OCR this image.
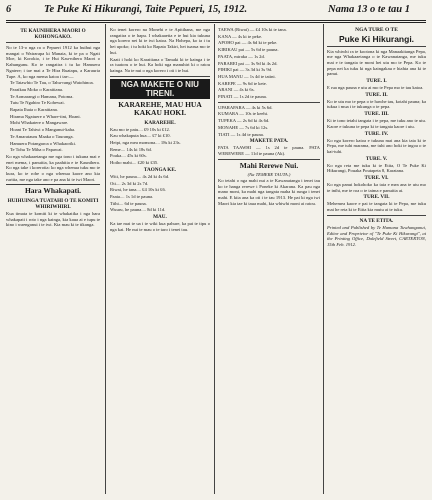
6	Te Puke Ki Hikurangi, Taite Pepueri, 15, 1912.	Nama 13 o te tau 1
TE KAUNIHERA MAORI O KOHONGAKO.

No te 13-o nga ra o Pepueri 1912 ka huihui nga mangai o Wairarapa ki Manaia, ki te pa o Ngati Moe, ki Korokio, i te Hui Kau-nihera Maori o Kahungunu. Ko te rangatira i tu ko Hamuera Ngatere; i tae mai a Te Hira Ruatapu, a Karauria Tupe. A, ko nga mema katoa i tae:—

Te Taiawhio Te Tau, o Tahu-rangi Waiohinoa.

Paraikau Moko o Karaitiana.

Te Aomarangi o Hamana, Potoma.

Tutu Te Ngahiro Te Kohewai.

Rapata Ihaia o Karaitiana.

Hirama Ngatuere o Whare-tini, Hoani.

Mohi Whakatere o Mangaware.

Hoani Te Tahiwi o Manganui-kaha.

Te Amaratauru Maaka o Tauranga.

Hamuera Potangaroa o Whakaoriki.

Te Tohu Te Miha o Papawai.

Ko nga whakaaetanga me nga tono i tukuna mai e enei mema, i panuitia, ka paahitia e te Kaunihera. Ko nga take i korerotia: ko nga whenua tuku mo te kura, ko te rohe o nga whenua kaore ano kia ruritia, me nga take ano e pa ana ki te iwi Maori.

Hara Whakapati.
HUIHUINGA TUATAHI O TE KOMITI WHIRIWHIRI.

Kua timata te komiti ki te whakatika i nga hara whakapati i roto i nga kainga, kia kaua ai e tupu te kino i waenganui i te iwi. Kia mau ki te tikanga.

Ko tenei korero na Monehi e te Apitihana, me nga rangatira o te hapu. I whakaaetia e te hui kia tukuna nga korero nei ki te iwi katoa. Na Hohepa, ko ia i tu hei upoko; i tu hoki ko Rapata Takiri, hei tuarua mo te hui.

Kaati i hoki ko Karaitiana o Tamaki ki te kainga i te ra tuatoru o te hui. Ka hoki nga manuhiri ki o ratou kainga. Na te nui o nga korero i oti i te hui.

NGA MAKETE O NIU TIRENI.
KARAREHE, MAU HUA KAKAU HOKI.
KARAREHE.

Kau mo te patu.... £9 10s ki £12.

Kau whakaputa hua.... £7 ki £10.

Heipi, nga mea momona.... 18s ki 23s.

Reme.... 14s ki 18s 6d.

Poaka.... 45s ki 60s.

Hoiho mahi.... £20 ki £35.

TAONGA KE.

Witi, he pauna.... 4s 2d ki 4s 6d.

Oti.... 2s 3d ki 2s 7d.

Riwai, he tana.... £4 10s ki £6.

Paata.... 1s 1d te pauna.

Tiihi.... 6d te pauna.

Wuuru, he pauna.... 8d ki 11d.

MAU.

Ka tae mai te ua i te wiki kua pahure, ka pai te tipu o nga kai. He nui te mau o te taro i tenei tau.

TAEWA (Riwai) — £4 10s ki te tana.

KANA — 4s ki te peke.

APOHO pai — 4s 6d ki te peke.

KIRIKAU pai — 5s 6d te pauna.

PAATA, miraka — 1s 2d.

PARAREI pai — 3s 9d ki 4s 2d.

PIHIKI pai — 3s 3d ki 3s 9d.

HUA MANU — 1s 4d te tatini.

KAREPE — 9s 6d te kete.

ARANI — 4s ki 6s.

PINATI — 1s 2d te pauna.

UPARAPARA — 4s ki 5s 6d.

KUMARA — 10s te keehi.

TUPEKA — 2s 6d ki 4s 6d.

MONAHE — 7s 6d ki 12s.

TIATI — 1s 4d te pauna.

MAKETE PATA.

PATA TAAWHI — 1s 2d te pauna. PATA WEREWERE — 11d te pauna (Ak).

Mahi Rerewe Nui.
(Na TEMERE TAUTA.)

Ko tetahi o nga mahi nui a te Kawanatanga i tenei tau ko te hanga rerewe i Poneke ki Akarana. Ka pau nga mano moni, ka mahi nga tangata maha ki runga i tenei mahi. E kiia ana ka oti i te tau 1913. He pai ki nga iwi Maori kia tae ki taua mahi, kia whiwhi moni ai ratou.

NGA TURE O TE
Puke Ki Hikurangi.

Kia whiwhi ra te kootona ki nga Manaakitanga Pepa, me nga Whakaaetanga o te Kawanatanga, me tuku mai e te tangata te moni hei utu mo te Pepa. Ko te pepa nei ka tuku ki nga kaingakau e hiahia ana ki te panui.

TURE. I.

E rua nga pauna e utu ai mo te Pepa mo te tau katoa.

TURE. II.

Ko te utu mo te pepa o te hawhe tau, kotahi pauna; ka tukua i mua i te tukunga o te pepa.

TURE. III.

Ki te tono tetahi tangata i te pepa, me tuku ano te utu. Kaore e tukuna te pepa ki te tangata kaore i utu.

TURE. IV.

Ko nga korero katoa e tukuna mai ana kia taia ki te Pepa, me tuhi marama, me tuhi ano hoki te ingoa o te kai-tuhi.

TURE. V.

Ko nga reta me tuku ki te Etita, O Te Puke Ki Hikurangi, Pouaka Poutapeta 8, Karatana.

TURE. VI.

Ko nga panui hokohoko ka taia e mea ana te utu mo te inihi, me te roa o te taima e panuitia ai.

TURE. VII.

Mehemea kaore e pai te tangata ki te Pepa, me tuku mai he reta ki te Etita kia mutu ai te tuku.

NA TE ETITA.

Printed and Published by Te Hamana Tuwhanganui, Editor and Proprietor of "Te Puke Ki Hikurangi", at the Printing Office, Dalefield Street, CARTERTON, 15th Feb. 1912.
